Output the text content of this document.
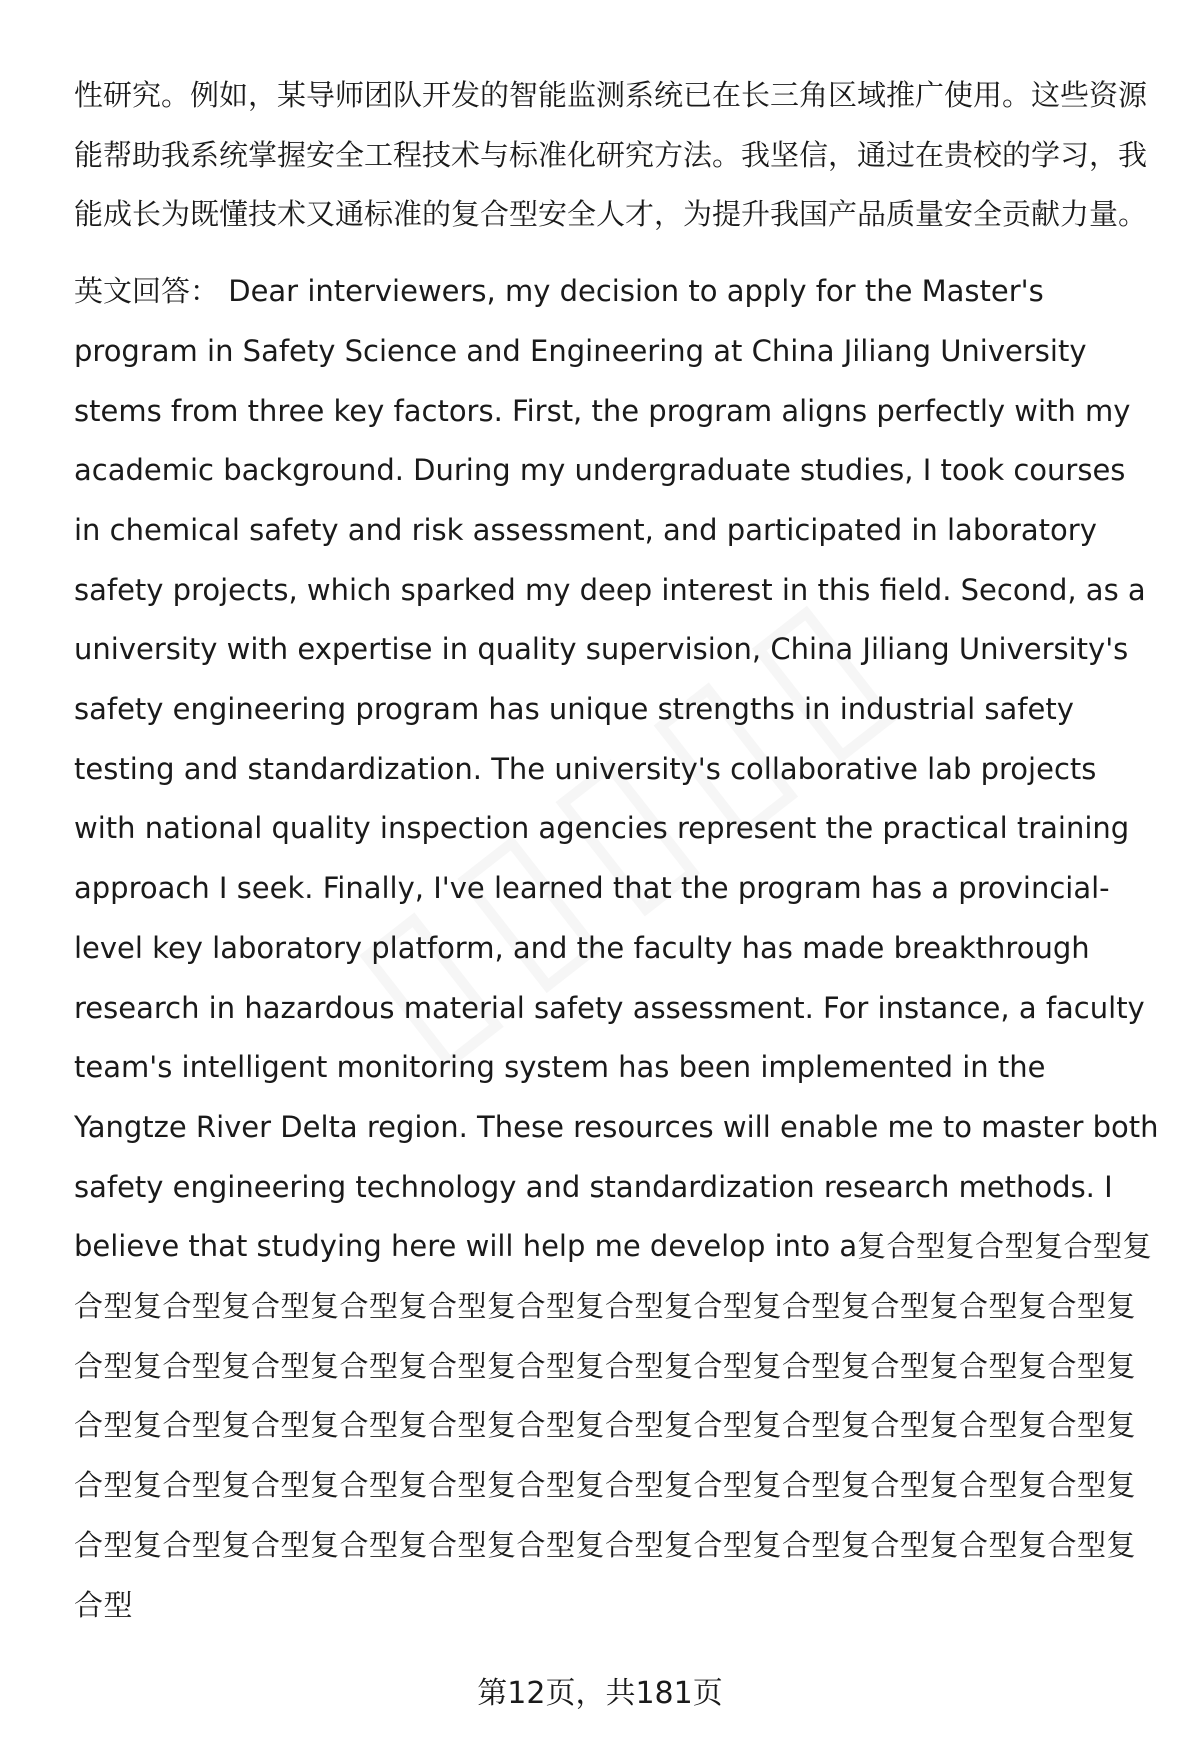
性研究。例如，某导师团队开发的智能监测系统已在长三角区域推广使用。这些资源能帮助我系统掌握安全工程技术与标准化研究方法。我坚信，通过在贵校的学习，我能成长为既懂技术又通标准的复合型安全人才，为提升我国产品质量安全贡献力量。

英文回答： Dear interviewers, my decision to apply for the Master's program in Safety Science and Engineering at China Jiliang University stems from three key factors. First, the program aligns perfectly with my academic background. During my undergraduate studies, I took courses in chemical safety and risk assessment, and participated in laboratory safety projects, which sparked my deep interest in this field. Second, as a university with expertise in quality supervision, China Jiliang University's safety engineering program has unique strengths in industrial safety testing and standardization. The university's collaborative lab projects with national quality inspection agencies represent the practical training approach I seek. Finally, I've learned that the program has a provincial-level key laboratory platform, and the faculty has made breakthrough research in hazardous material safety assessment. For instance, a faculty team's intelligent monitoring system has been implemented in the Yangtze River Delta region. These resources will enable me to master both safety engineering technology and standardization research methods. I believe that studying here will help me develop into a复合型复合型复合型复合型复合型复合型复合型复合型复合型复合型复合型复合型复合型复合型复合型复合型复合型复合型复合型复合型复合型复合型复合型复合型复合型复合型复合型复合型复合型复合型复合型复合型复合型复合型复合型复合型复合型复合型复合型复合型复合型复合型复合型复合型复合型复合型复合型复合型复合型复合型复合型复合型复合型复合型复合型复合型复合型复合型复合型复合型复合型复合型复合型复合型

第12页，共181页
